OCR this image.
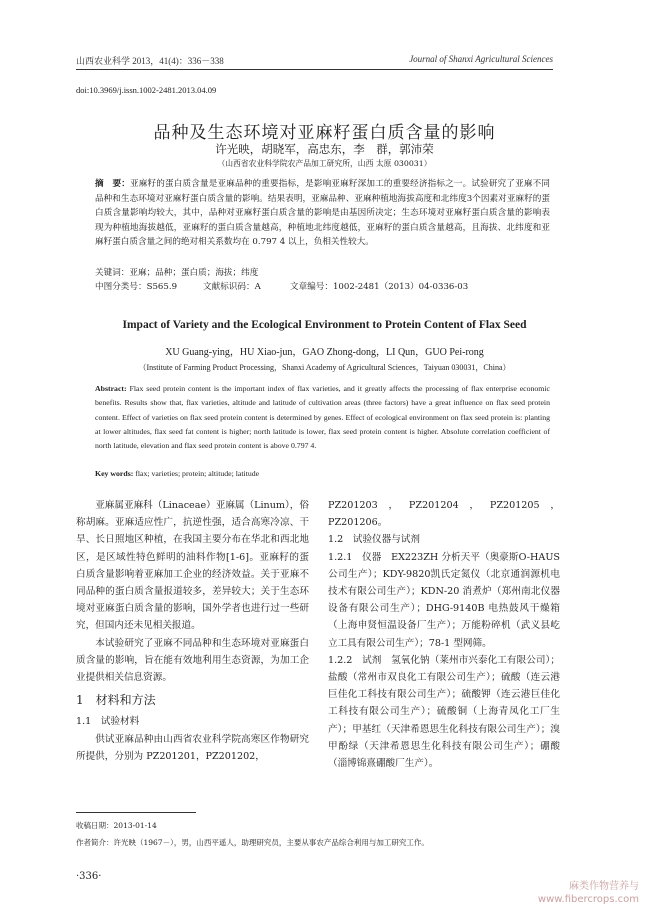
山西农业科学 2013，41(4)：336－338	Journal of Shanxi Agricultural Sciences
doi:10.3969/j.issn.1002-2481.2013.04.09
品种及生态环境对亚麻籽蛋白质含量的影响
许光映，胡晓军，高忠东，李　群，郭沛荣
（山西省农业科学院农产品加工研究所，山西 太原 030031）

摘　要：亚麻籽的蛋白质含量是亚麻品种的重要指标，是影响亚麻籽深加工的重要经济指标之一。试验研究了亚麻不同品种和生态环境对亚麻籽蛋白质含量的影响。结果表明，亚麻品种、亚麻种植地海拔高度和北纬度3个因素对亚麻籽的蛋白质含量影响均较大，其中，品种对亚麻籽蛋白质含量的影响是由基因所决定；生态环境对亚麻籽蛋白质含量的影响表现为种植地海拔越低，亚麻籽的蛋白质含量越高，种植地北纬度越低，亚麻籽的蛋白质含量越高，且海拔、北纬度和亚麻籽蛋白质含量之间的绝对相关系数均在 0.797 4 以上，负相关性较大。

关键词：亚麻；品种；蛋白质；海拔；纬度

中图分类号：S565.9	文献标识码：A	文章编号：1002-2481（2013）04-0336-03
Impact of Variety and the Ecological Environment to Protein Content of Flax Seed
XU Guang-ying，HU Xiao-jun，GAO Zhong-dong，LI Qun，GUO Pei-rong
（Institute of Farming Product Processing，Shanxi Academy of Agricultural Sciences，Taiyuan 030031，China）

Abstract: Flax seed protein content is the important index of flax varieties, and it greatly affects the processing of flax enterprise economic benefits. Results show that, flax varieties, altitude and latitude of cultivation areas (three factors) have a great influence on flax seed protein content. Effect of varieties on flax seed protein content is determined by genes. Effect of ecological environment on flax seed protein is: planting at lower altitudes, flax seed fat content is higher; north latitude is lower, flax seed protein content is higher. Absolute correlation coefficient of north latitude, elevation and flax seed protein content is above 0.797 4.

Key words: flax; varieties; protein; altitude; latitude

亚麻属亚麻科（Linaceae）亚麻属（Linum），俗称胡麻。亚麻适应性广，抗逆性强，适合高寒冷凉、干旱、长日照地区种植，在我国主要分布在华北和西北地区，是区域性特色鲜明的油料作物[1-6]。亚麻籽的蛋白质含量影响着亚麻加工企业的经济效益。关于亚麻不同品种的蛋白质含量报道较多，差异较大；关于生态环境对亚麻蛋白质含量的影响，国外学者也进行过一些研究，但国内还未见相关报道。

本试验研究了亚麻不同品种和生态环境对亚麻蛋白质含量的影响，旨在能有效地利用生态资源，为加工企业提供相关信息资源。

1　材料和方法

1.1　试验材料

供试亚麻品种由山西省农业科学院高寒区作物研究所提供，分别为 PZ201201，PZ201202，

PZ201203，PZ201204，PZ201205，PZ201206。

1.2　试验仪器与试剂

1.2.1　仪器　EX223ZH 分析天平（奥豪斯O-HAUS公司生产）；KDY-9820凯氏定氮仪（北京通润源机电技术有限公司生产）；KDN-20 消煮炉（郑州南北仪器设备有限公司生产）；DHG-9140B 电热鼓风干燥箱（上海申贤恒温设备厂生产）；万能粉碎机（武义县屹立工具有限公司生产）；78-1 型网筛。

1.2.2　试剂　氢氧化钠（莱州市兴泰化工有限公司）；盐酸（常州市双良化工有限公司生产）；硫酸（连云港巨佳化工科技有限公司生产）；硫酸钾（连云港巨佳化工科技有限公司生产）；硫酸铜（上海青凤化工厂生产）；甲基红（天津希恩思生化科技有限公司生产）；溴甲酚绿（天津希恩思生化科技有限公司生产）；硼酸（淄博锦熹硼酸厂生产）。

收稿日期：2013-01-14
作者简介：许光映（1967－），男，山西平遥人，助理研究员，主要从事农产品综合利用与加工研究工作。
·336·
麻类作物营养与
www.fibercrops.com
